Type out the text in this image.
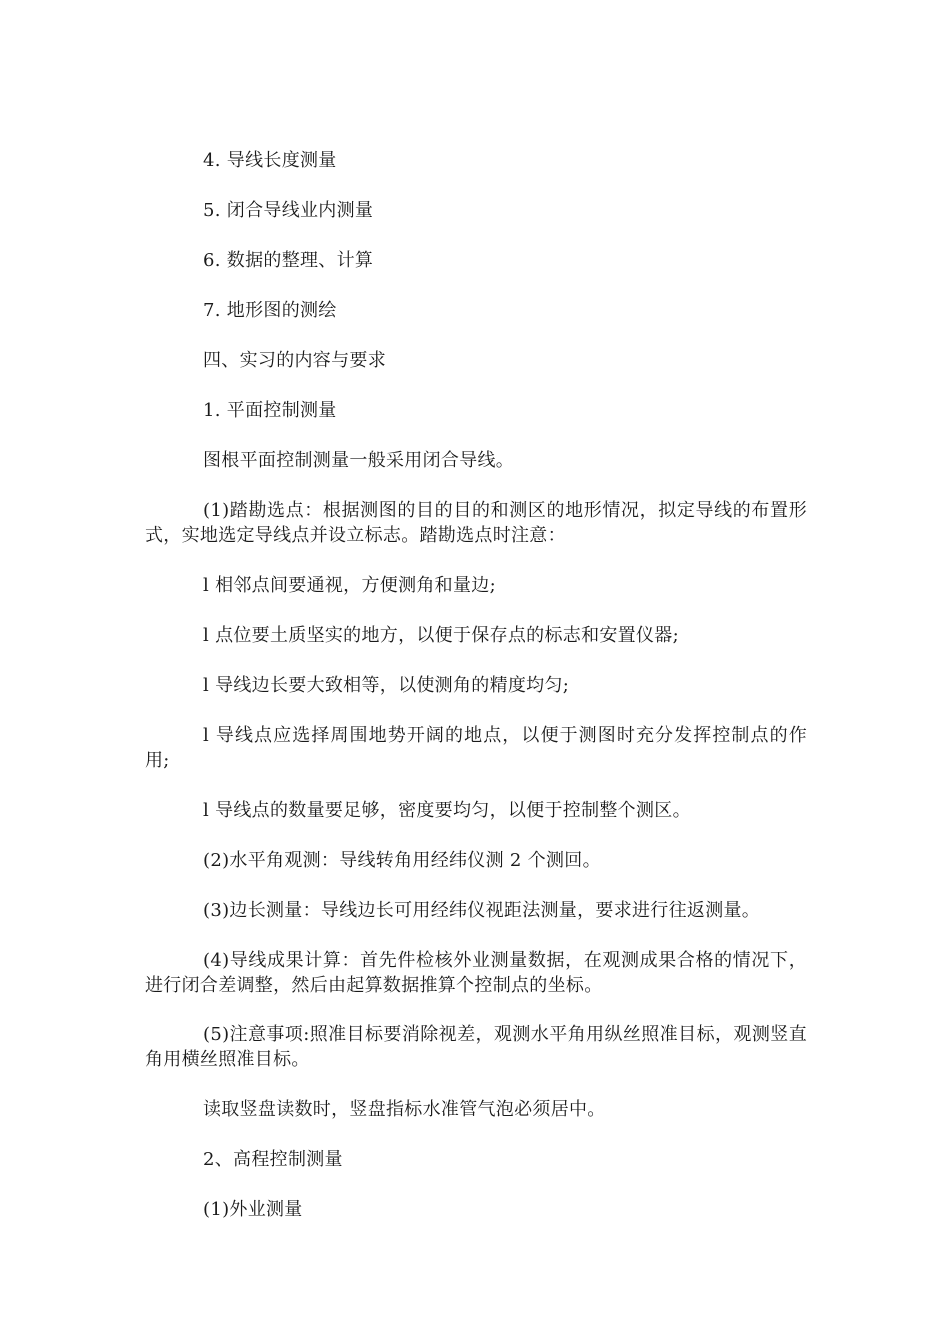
4. 导线长度测量

5. 闭合导线业内测量

6. 数据的整理、计算

7. 地形图的测绘

四、实习的内容与要求

1. 平面控制测量

图根平面控制测量一般采用闭合导线。

(1)踏勘选点：根据测图的目的目的和测区的地形情况，拟定导线的布置形式，实地选定导线点并设立标志。踏勘选点时注意：

l 相邻点间要通视，方便测角和量边;

l 点位要土质坚实的地方，以便于保存点的标志和安置仪器;

l 导线边长要大致相等，以使测角的精度均匀;

l 导线点应选择周围地势开阔的地点，以便于测图时充分发挥控制点的作用;

l 导线点的数量要足够，密度要均匀，以便于控制整个测区。

(2)水平角观测：导线转角用经纬仪测 2 个测回。

(3)边长测量：导线边长可用经纬仪视距法测量，要求进行往返测量。

(4)导线成果计算：首先件检核外业测量数据，在观测成果合格的情况下，进行闭合差调整，然后由起算数据推算个控制点的坐标。

(5)注意事项:照准目标要消除视差，观测水平角用纵丝照准目标，观测竖直角用横丝照准目标。

读取竖盘读数时，竖盘指标水准管气泡必须居中。

2、高程控制测量

(1)外业测量
